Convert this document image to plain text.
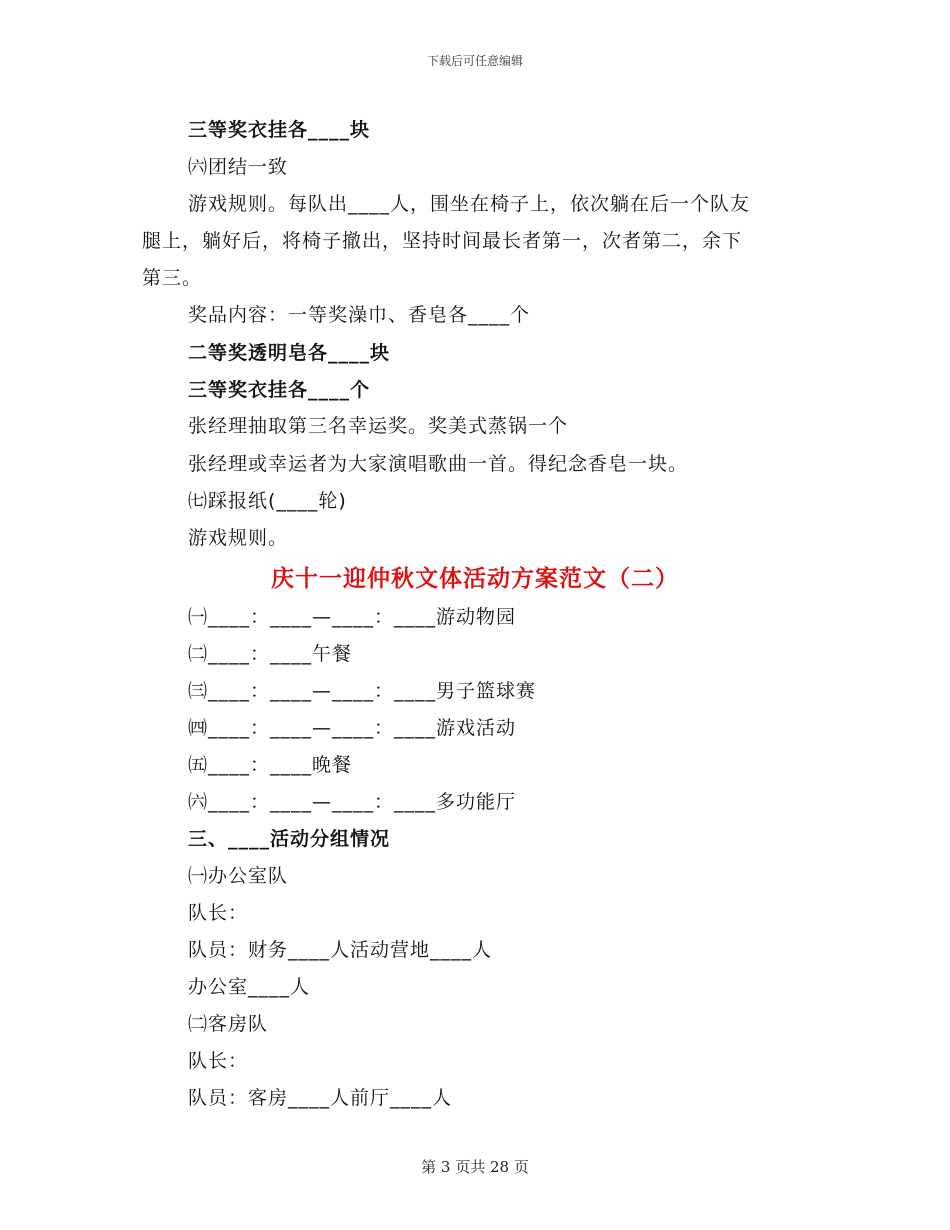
下载后可任意编辑
三等奖衣挂各____块
㈥团结一致
游戏规则。每队出____人，围坐在椅子上，依次躺在后一个队友
腿上，躺好后，将椅子撤出，坚持时间最长者第一，次者第二，余下
第三。
奖品内容：一等奖澡巾、香皂各____个
二等奖透明皂各____块
三等奖衣挂各____个
张经理抽取第三名幸运奖。奖美式蒸锅一个
张经理或幸运者为大家演唱歌曲一首。得纪念香皂一块。
㈦踩报纸(____轮)
游戏规则。
庆十一迎仲秋文体活动方案范文（二）
㈠____：____—____：____游动物园
㈡____：____午餐
㈢____：____—____：____男子篮球赛
㈣____：____—____：____游戏活动
㈤____：____晚餐
㈥____：____—____：____多功能厅
三、____活动分组情况
㈠办公室队
队长：
队员：财务____人活动营地____人
办公室____人
㈡客房队
队长：
队员：客房____人前厅____人
第 3 页共 28 页
